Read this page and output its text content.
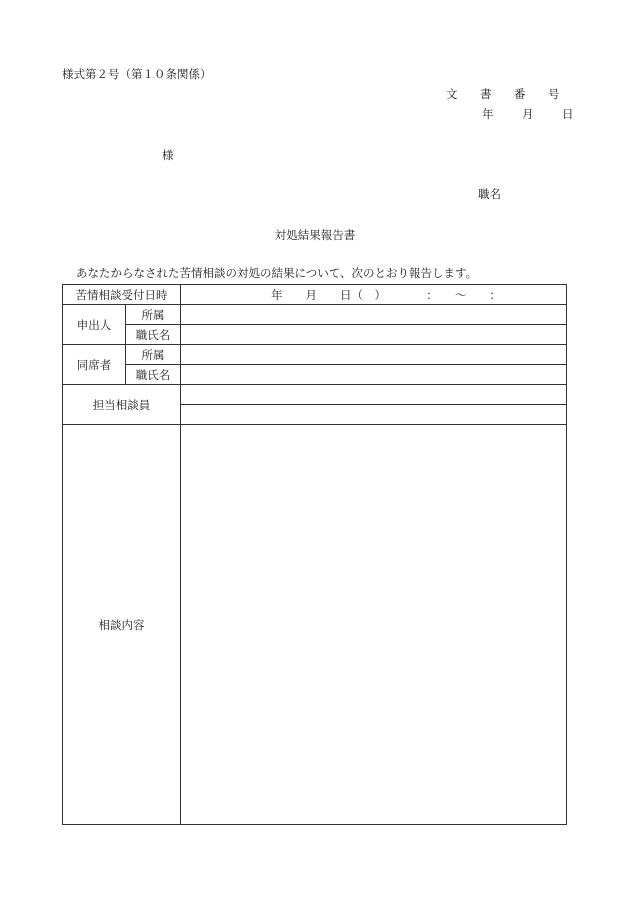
様式第２号（第１０条関係）
文 書 番 号
年 月 日
様
職名
対処結果報告書
あなたからなされた苦情相談の対処の結果について、次のとおり報告します。
苦情相談受付日時		年　　月　　日（　）　　　　：　　〜　　：
申出人	所属	
	職氏名	
同席者	所属	
	職氏名	
担当相談員		

相談内容		
